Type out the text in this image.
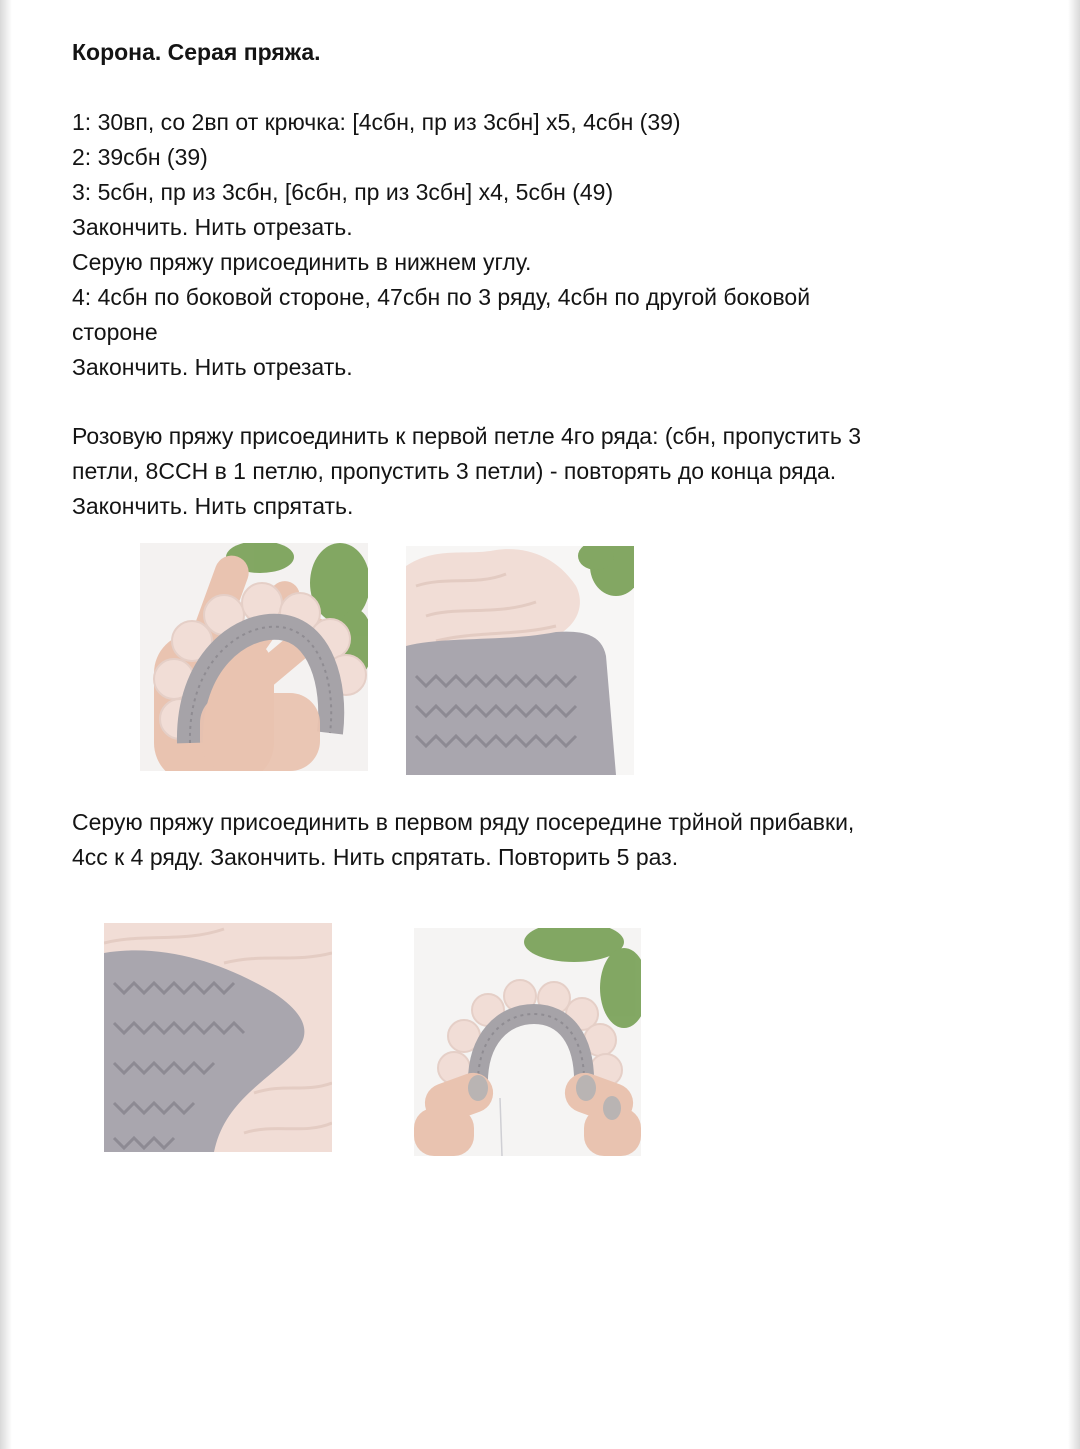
Корона. Серая пряжа.
1: 30вп, со 2вп от крючка: [4сбн, пр из 3сбн] х5, 4сбн (39)
2: 39сбн (39)
3: 5сбн, пр из 3сбн, [6сбн, пр из 3сбн] х4, 5сбн (49)
Закончить. Нить отрезать.
Серую пряжу присоединить в нижнем углу.
4: 4сбн по боковой стороне, 47сбн по 3 ряду, 4сбн по другой боковой
стороне
Закончить. Нить отрезать.
Розовую пряжу присоединить к первой петле 4го ряда: (сбн, пропустить 3
петли, 8ССН в 1 петлю, пропустить 3 петли) - повторять до конца ряда.
Закончить. Нить спрятать.
Серую пряжу присоединить в первом ряду посередине трйной прибавки,
4сс к 4 ряду. Закончить. Нить спрятать. Повторить 5 раз.
